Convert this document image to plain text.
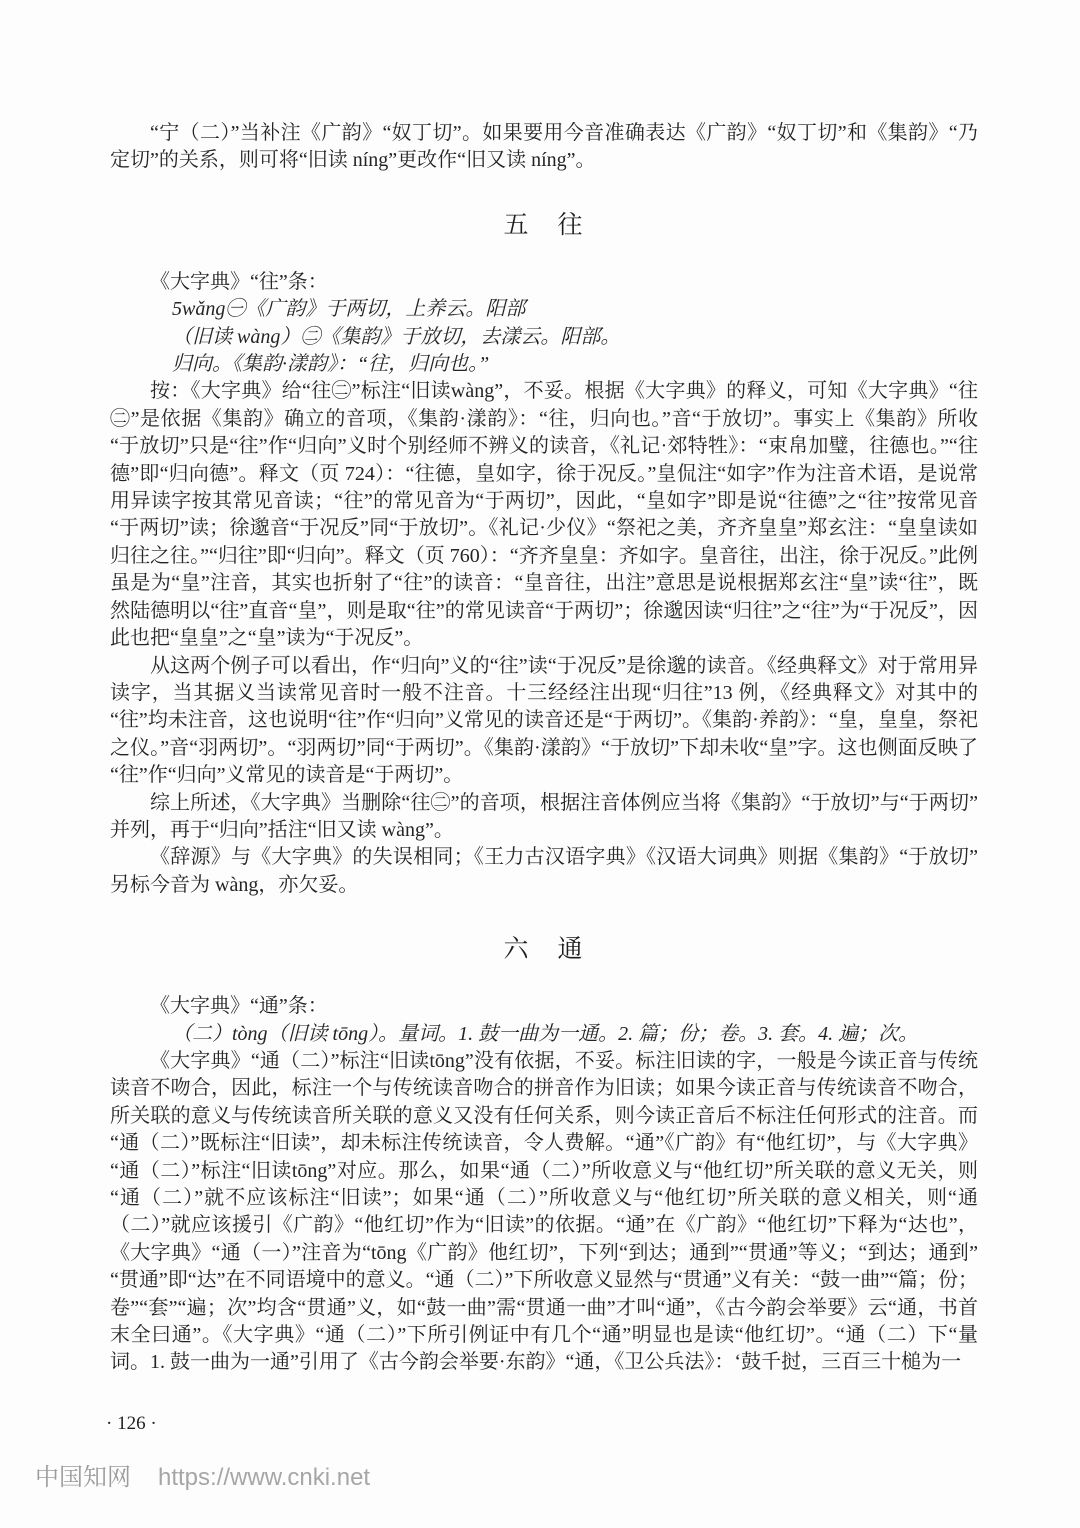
“宁（二）”当补注《广韵》“奴丁切”。如果要用今音准确表达《广韵》“奴丁切”和《集韵》“乃定切”的关系，则可将“旧读 níng”更改作“旧又读 níng”。

五　往

《大字典》“往”条：

5wǎng㊀《广韵》于两切，上养云。阳部

（旧读 wàng）㊁《集韵》于放切，去漾云。阳部。

归向。《集韵·漾韵》：“往，归向也。”

按：《大字典》给“往㊁”标注“旧读wàng”，不妥。根据《大字典》的释义，可知《大字典》“往㊁”是依据《集韵》确立的音项，《集韵·漾韵》：“往，归向也。”音“于放切”。事实上《集韵》所收“于放切”只是“往”作“归向”义时个别经师不辨义的读音，《礼记·郊特牲》：“束帛加璧，往德也。”“往德”即“归向德”。释文（页 724）：“往德，皇如字，徐于况反。”皇侃注“如字”作为注音术语，是说常用异读字按其常见音读；“往”的常见音为“于两切”，因此，“皇如字”即是说“往德”之“往”按常见音“于两切”读；徐邈音“于况反”同“于放切”。《礼记·少仪》“祭祀之美，齐齐皇皇”郑玄注：“皇皇读如归往之往。”“归往”即“归向”。释文（页 760）：“齐齐皇皇：齐如字。皇音往，出注，徐于况反。”此例虽是为“皇”注音，其实也折射了“往”的读音：“皇音往，出注”意思是说根据郑玄注“皇”读“往”，既然陆德明以“往”直音“皇”，则是取“往”的常见读音“于两切”；徐邈因读“归往”之“往”为“于况反”，因此也把“皇皇”之“皇”读为“于况反”。

从这两个例子可以看出，作“归向”义的“往”读“于况反”是徐邈的读音。《经典释文》对于常用异读字，当其据义当读常见音时一般不注音。十三经经注出现“归往”13 例，《经典释文》对其中的“往”均未注音，这也说明“往”作“归向”义常见的读音还是“于两切”。《集韵·养韵》：“皇，皇皇，祭祀之仪。”音“羽两切”。“羽两切”同“于两切”。《集韵·漾韵》“于放切”下却未收“皇”字。这也侧面反映了“往”作“归向”义常见的读音是“于两切”。

综上所述，《大字典》当删除“往㊁”的音项，根据注音体例应当将《集韵》“于放切”与“于两切”并列，再于“归向”括注“旧又读 wàng”。

《辞源》与《大字典》的失误相同；《王力古汉语字典》《汉语大词典》则据《集韵》“于放切”另标今音为 wàng，亦欠妥。

六　通

《大字典》“通”条：

（二）tòng（旧读 tōng）。量词。1. 鼓一曲为一通。2. 篇；份；卷。3. 套。4. 遍；次。

《大字典》“通（二）”标注“旧读tōng”没有依据，不妥。标注旧读的字，一般是今读正音与传统读音不吻合，因此，标注一个与传统读音吻合的拼音作为旧读；如果今读正音与传统读音不吻合，所关联的意义与传统读音所关联的意义又没有任何关系，则今读正音后不标注任何形式的注音。而“通（二）”既标注“旧读”，却未标注传统读音，令人费解。“通”《广韵》有“他红切”，与《大字典》“通（二）”标注“旧读tōng”对应。那么，如果“通（二）”所收意义与“他红切”所关联的意义无关，则“通（二）”就不应该标注“旧读”；如果“通（二）”所收意义与“他红切”所关联的意义相关，则“通（二）”就应该援引《广韵》“他红切”作为“旧读”的依据。“通”在《广韵》“他红切”下释为“达也”，《大字典》“通（一）”注音为“tōng《广韵》他红切”，下列“到达；通到”“贯通”等义；“到达；通到”“贯通”即“达”在不同语境中的意义。“通（二）”下所收意义显然与“贯通”义有关：“鼓一曲”“篇；份；卷”“套”“遍；次”均含“贯通”义，如“鼓一曲”需“贯通一曲”才叫“通”，《古今韵会举要》云“通，书首末全曰通”。《大字典》“通（二）”下所引例证中有几个“通”明显也是读“他红切”。“通（二）下“量词。1. 鼓一曲为一通”引用了《古今韵会举要·东韵》“通，《卫公兵法》：‘鼓千挝，三百三十槌为一

· 126 ·
中国知网 https://www.cnki.net
